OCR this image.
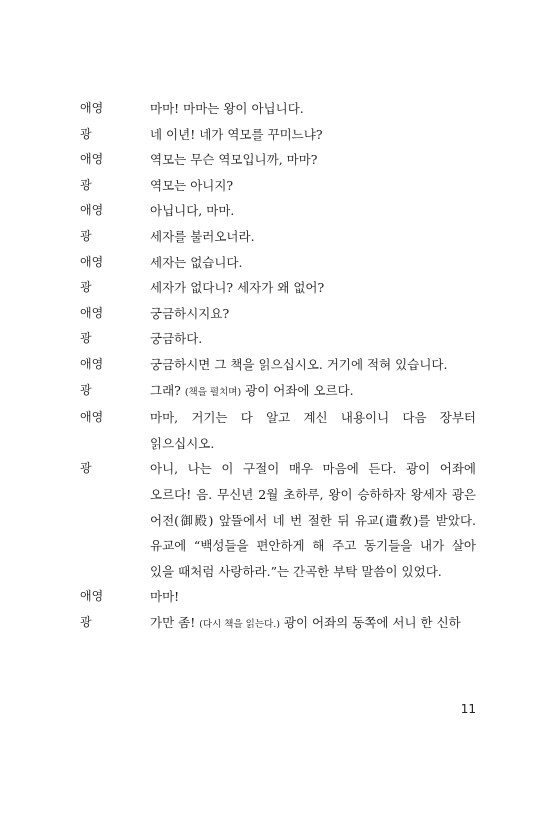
애영	마마! 마마는 왕이 아닙니다.
광	네 이년! 네가 역모를 꾸미느냐?
애영	역모는 무슨 역모입니까, 마마?
광	역모는 아니지?
애영	아닙니다, 마마.
광	세자를 불러오너라.
애영	세자는 없습니다.
광	세자가 없다니? 세자가 왜 없어?
애영	궁금하시지요?
광	궁금하다.
애영	궁금하시면 그 책을 읽으십시오. 거기에 적혀 있습니다.
광	그래? (책을 펼치며) 광이 어좌에 오르다.
애영	마마, 거기는 다 알고 계신 내용이니 다음 장부터 읽으십시오.
광	아니, 나는 이 구절이 매우 마음에 든다. 광이 어좌에 오르다! 음. 무신년 2월 초하루, 왕이 승하하자 왕세자 광은 어전(御殿) 앞뜰에서 네 번 절한 뒤 유교(遺敎)를 받았다. 유교에 “백성들을 편안하게 해 주고 동기들을 내가 살아 있을 때처럼 사랑하라.”는 간곡한 부탁 말씀이 있었다.
애영	마마!
광	가만 좀! (다시 책을 읽는다.) 광이 어좌의 동쪽에 서니 한 신하
11
